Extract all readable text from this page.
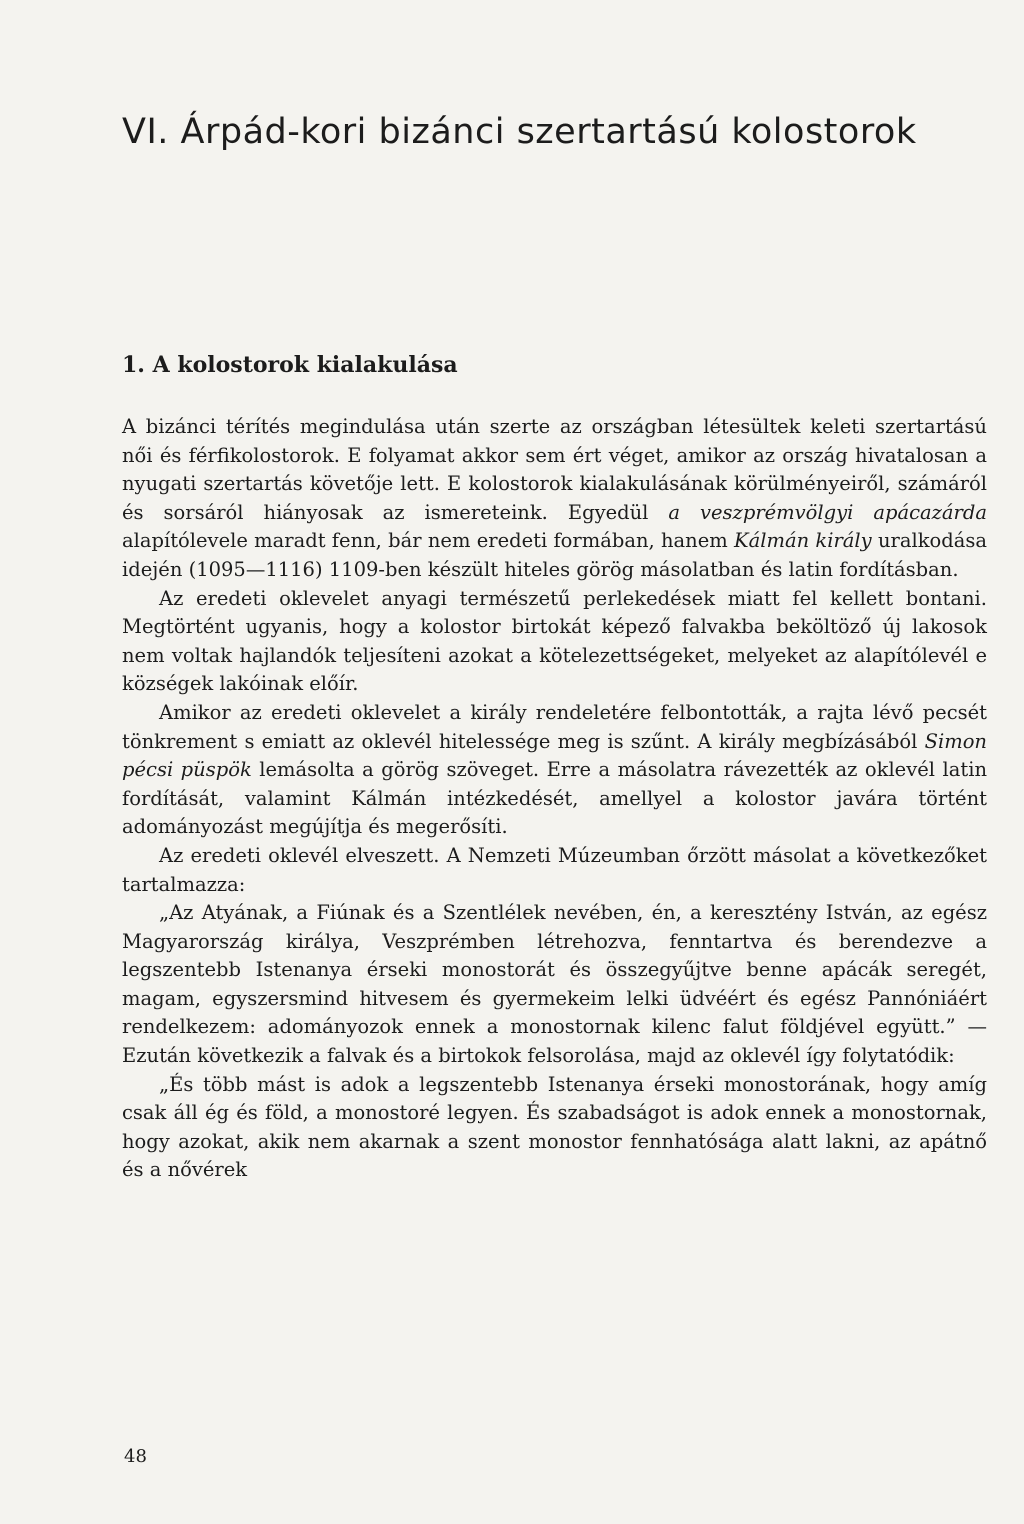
VI. Árpád-kori bizánci szertartású kolostorok
1. A kolostorok kialakulása

A bizánci térítés megindulása után szerte az országban létesültek keleti szertartású női és férfikolostorok. E folyamat akkor sem ért véget, amikor az ország hivatalosan a nyugati szertartás követője lett. E kolostorok kialakulásának körülményeiről, számáról és sorsáról hiányosak az ismereteink. Egyedül a veszprémvölgyi apácazárda alapítólevele maradt fenn, bár nem eredeti formában, hanem Kálmán király uralkodása idején (1095—1116) 1109-ben készült hiteles görög másolatban és latin fordításban.

Az eredeti oklevelet anyagi természetű perlekedések miatt fel kellett bontani. Megtörtént ugyanis, hogy a kolostor birtokát képező falvakba beköltöző új lakosok nem voltak hajlandók teljesíteni azokat a kötelezettségeket, melyeket az alapítólevél e községek lakóinak előír.

Amikor az eredeti oklevelet a király rendeletére felbontották, a rajta lévő pecsét tönkrement s emiatt az oklevél hitelessége meg is szűnt. A király megbízásából Simon pécsi püspök lemásolta a görög szöveget. Erre a másolatra rávezették az oklevél latin fordítását, valamint Kálmán intézkedését, amellyel a kolostor javára történt adományozást megújítja és megerősíti.

Az eredeti oklevél elveszett. A Nemzeti Múzeumban őrzött másolat a következőket tartalmazza:

„Az Atyának, a Fiúnak és a Szentlélek nevében, én, a keresztény István, az egész Magyarország királya, Veszprémben létrehozva, fenntartva és berendezve a legszentebb Istenanya érseki monostorát és összegyűjtve benne apácák seregét, magam, egyszersmind hitvesem és gyermekeim lelki üdvéért és egész Pannóniáért rendelkezem: adományozok ennek a monostornak kilenc falut földjével együtt.” — Ezután következik a falvak és a birtokok felsorolása, majd az oklevél így folytatódik:

„És több mást is adok a legszentebb Istenanya érseki monostorának, hogy amíg csak áll ég és föld, a monostoré legyen. És szabadságot is adok ennek a monostornak, hogy azokat, akik nem akarnak a szent monostor fennhatósága alatt lakni, az apátnő és a nővérek

48
